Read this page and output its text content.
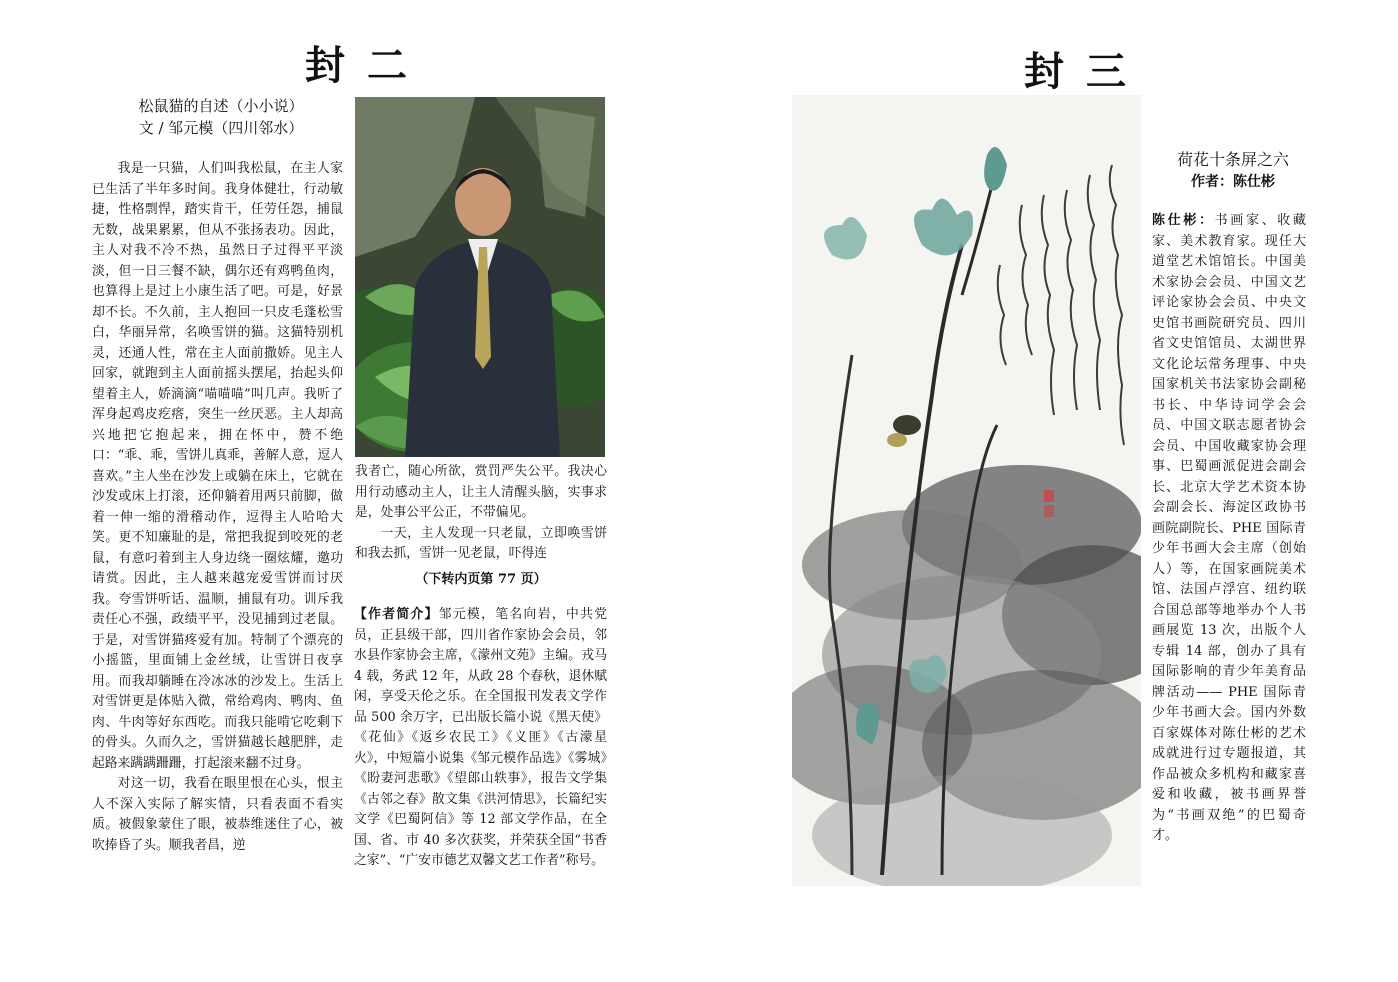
封二
松鼠猫的自述（小小说）
文 / 邹元模（四川邻水）

我是一只猫，人们叫我松鼠，在主人家已生活了半年多时间。我身体健壮，行动敏捷，性格剽悍，踏实肯干，任劳任怨，捕鼠无数，战果累累，但从不张扬表功。因此，主人对我不冷不热，虽然日子过得平平淡淡，但一日三餐不缺，偶尔还有鸡鸭鱼肉，也算得上是过上小康生活了吧。可是，好景却不长。不久前，主人抱回一只皮毛蓬松雪白，华丽异常，名唤雪饼的猫。这猫特别机灵，还通人性，常在主人面前撒娇。见主人回家，就跑到主人面前摇头摆尾，抬起头仰望着主人，娇滴滴“喵喵喵”叫几声。我听了浑身起鸡皮疙瘩，突生一丝厌恶。主人却高兴地把它抱起来，拥在怀中，赞不绝口：“乖、乖，雪饼儿真乖，善解人意，逗人喜欢。”主人坐在沙发上或躺在床上，它就在沙发或床上打滚，还仰躺着用两只前脚，做着一伸一缩的滑稽动作，逗得主人哈哈大笑。更不知廉耻的是，常把我捉到咬死的老鼠，有意叼着到主人身边绕一圈炫耀，邀功请赏。因此，主人越来越宠爱雪饼而讨厌我。夸雪饼听话、温顺，捕鼠有功。训斥我责任心不强，政绩平平，没见捕到过老鼠。于是，对雪饼猫疼爱有加。特制了个漂亮的小摇篮，里面铺上金丝绒，让雪饼日夜享用。而我却躺睡在冷冰冰的沙发上。生活上对雪饼更是体贴入微，常给鸡肉、鸭肉、鱼肉、牛肉等好东西吃。而我只能啃它吃剩下的骨头。久而久之，雪饼猫越长越肥胖，走起路来蹒蹒跚跚，打起滚来翻不过身。

对这一切，我看在眼里恨在心头，恨主人不深入实际了解实情，只看表面不看实质。被假象蒙住了眼，被恭维迷住了心，被吹捧昏了头。顺我者昌，逆

我者亡，随心所欲，赏罚严失公平。我决心用行动感动主人，让主人清醒头脑，实事求是，处事公平公正，不带偏见。

一天，主人发现一只老鼠，立即唤雪饼和我去抓，雪饼一见老鼠，吓得连

（下转内页第 77 页）
【作者简介】邹元模，笔名向岩，中共党员，正县级干部，四川省作家协会会员，邻水县作家协会主席，《濛州文苑》主编。戎马 4 载，务武 12 年，从政 28 个春秋，退休赋闲，享受天伦之乐。在全国报刊发表文学作品 500 余万字，已出版长篇小说《黑天使》《花仙》《返乡农民工》《义匪》《古濛星火》，中短篇小说集《邹元模作品选》《雾城》《盼妻河悲歌》《望郎山轶事》，报告文学集《古邻之春》散文集《洪河情思》，长篇纪实文学《巴蜀阿信》等 12 部文学作品，在全国、省、市 40 多次获奖，并荣获全国“书香之家”、“广安市德艺双馨文艺工作者”称号。
封三
荷花十条屏之六
作者：陈仕彬
陈仕彬：书画家、收藏家、美术教育家。现任大道堂艺术馆馆长。中国美术家协会会员、中国文艺评论家协会会员、中央文史馆书画院研究员、四川省文史馆馆员、太湖世界文化论坛常务理事、中央国家机关书法家协会副秘书长、中华诗词学会会员、中国文联志愿者协会会员、中国收藏家协会理事、巴蜀画派促进会副会长、北京大学艺术资本协会副会长、海淀区政协书画院副院长、PHE 国际青少年书画大会主席（创始人）等，在国家画院美术馆、法国卢浮宫、纽约联合国总部等地举办个人书画展览 13 次，出版个人专辑 14 部，创办了具有国际影响的青少年美育品牌活动—— PHE 国际青少年书画大会。国内外数百家媒体对陈仕彬的艺术成就进行过专题报道，其作品被众多机构和藏家喜爱和收藏，被书画界誉为“书画双绝”的巴蜀奇才。
